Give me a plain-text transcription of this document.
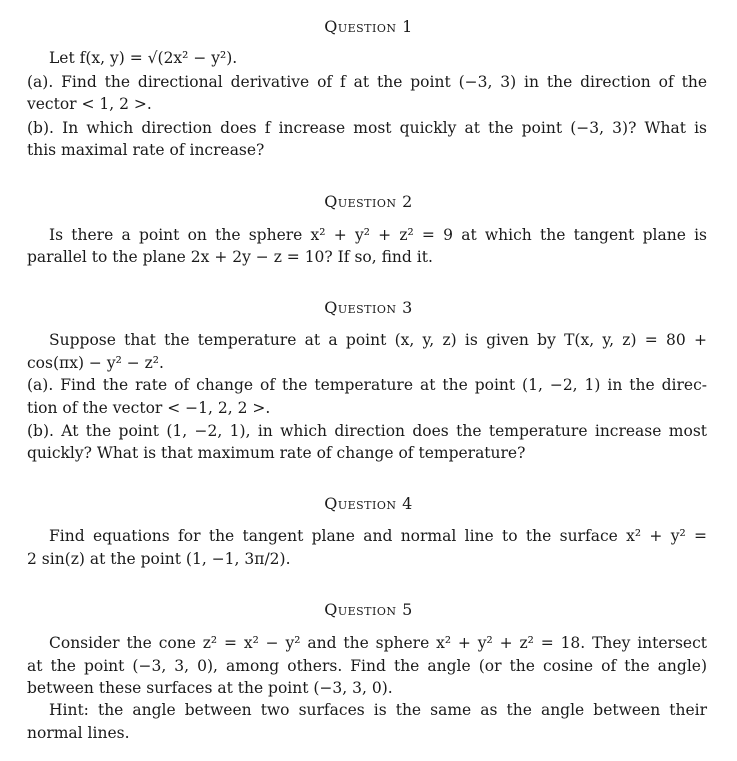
Question 1
Let f(x, y) = √(2x² − y²).
(a). Find the directional derivative of f at the point (−3, 3) in the direction of the
vector < 1, 2 >.
(b). In which direction does f increase most quickly at the point (−3, 3)? What is
this maximal rate of increase?
Question 2
Is there a point on the sphere x² + y² + z² = 9 at which the tangent plane is
parallel to the plane 2x + 2y − z = 10? If so, find it.
Question 3
Suppose that the temperature at a point (x, y, z) is given by T(x, y, z) = 80 +
cos(πx) − y² − z².
(a). Find the rate of change of the temperature at the point (1, −2, 1) in the direc-
tion of the vector < −1, 2, 2 >.
(b). At the point (1, −2, 1), in which direction does the temperature increase most
quickly? What is that maximum rate of change of temperature?
Question 4
Find equations for the tangent plane and normal line to the surface x² + y² =
2 sin(z) at the point (1, −1, 3π/2).
Question 5
Consider the cone z² = x² − y² and the sphere x² + y² + z² = 18. They intersect
at the point (−3, 3, 0), among others. Find the angle (or the cosine of the angle)
between these surfaces at the point (−3, 3, 0).
Hint: the angle between two surfaces is the same as the angle between their
normal lines.
